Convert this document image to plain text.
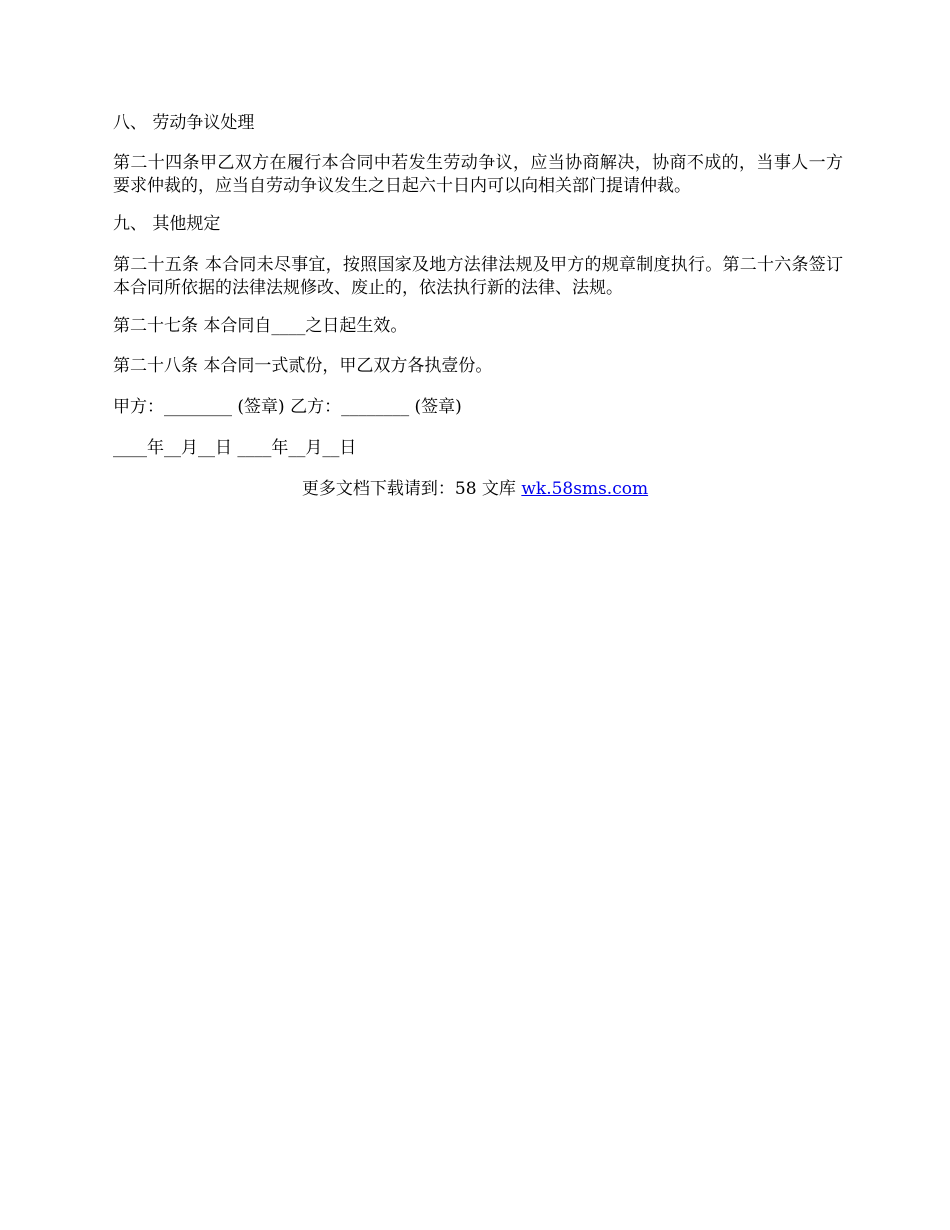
八、 劳动争议处理
第二十四条甲乙双方在履行本合同中若发生劳动争议，应当协商解决，协商不成的，当事人一方要求仲裁的，应当自劳动争议发生之日起六十日内可以向相关部门提请仲裁。
九、 其他规定
第二十五条 本合同未尽事宜，按照国家及地方法律法规及甲方的规章制度执行。第二十六条签订本合同所依据的法律法规修改、废止的，依法执行新的法律、法规。
第二十七条 本合同自____之日起生效。
第二十八条 本合同一式贰份，甲乙双方各执壹份。
甲方：________ (签章) 乙方：________ (签章)
____年__月__日 ____年__月__日
更多文档下载请到：58 文库 wk.58sms.com
